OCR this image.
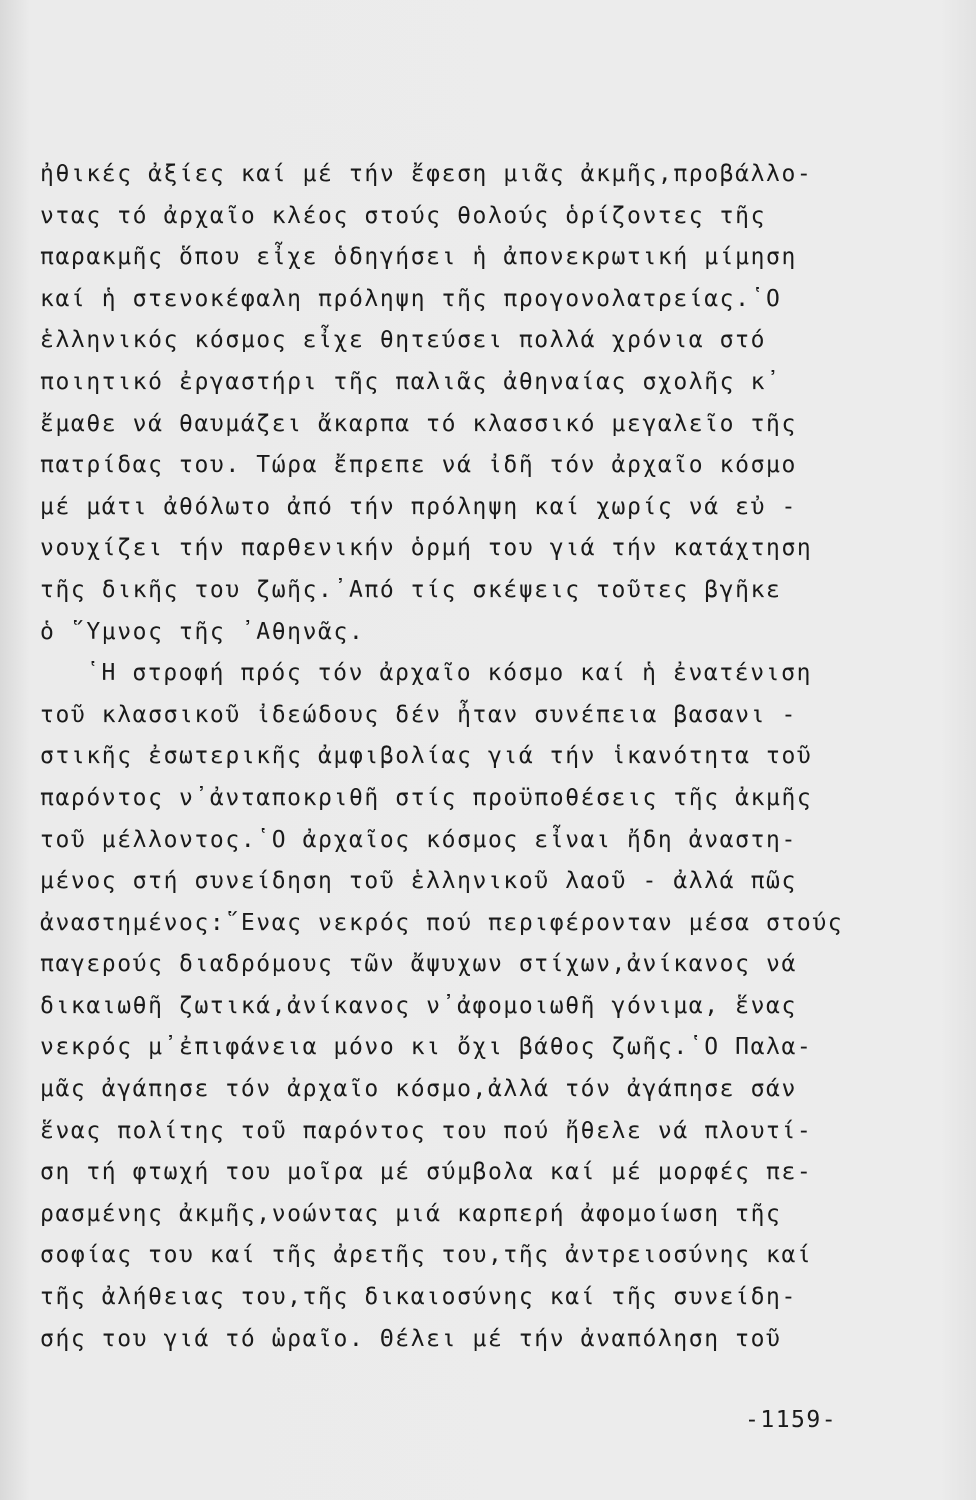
ἠθικές ἀξίες καί μέ τήν ἔφεση μιᾶς ἀκμῆς,προβάλλο-
ντας τό ἀρχαῖο κλέος στούς θολούς ὁρίζοντες τῆς
παρακμῆς ὅπου εἶχε ὁδηγήσει ἡ ἀπονεκρωτική μίμηση
καί ἡ στενοκέφαλη πρόληψη τῆς προγονολατρείας.῾Ο
ἑλληνικός κόσμος εἶχε θητεύσει πολλά χρόνια στό
ποιητικό ἐργαστήρι τῆς παλιᾶς ἀθηναίας σχολῆς κ᾽
ἔμαθε νά θαυμάζει ἄκαρπα τό κλασσικό μεγαλεῖο τῆς
πατρίδας του. Τώρα ἔπρεπε νά ἰδῆ τόν ἀρχαῖο κόσμο
μέ μάτι ἀθόλωτο ἀπό τήν πρόληψη καί χωρίς νά εὐ -
νουχίζει τήν παρθενικήν ὁρμή του γιά τήν κατάχτηση
τῆς δικῆς του ζωῆς.᾽Από τίς σκέψεις τοῦτες βγῆκε
ὁ ῞Υμνος τῆς ᾽Αθηνᾶς.
῾Η στροφή πρός τόν ἀρχαῖο κόσμο καί ἡ ἐνατένιση
τοῦ κλασσικοῦ ἰδεώδους δέν ἦταν συνέπεια βασανι -
στικῆς ἐσωτερικῆς ἀμφιβολίας γιά τήν ἱκανότητα τοῦ
παρόντος ν᾽ἀνταποκριθῆ στίς προϋποθέσεις τῆς ἀκμῆς
τοῦ μέλλοντος.῾Ο ἀρχαῖος κόσμος εἶναι ἤδη ἀναστη-
μένος στή συνείδηση τοῦ ἑλληνικοῦ λαοῦ - ἀλλά πῶς
ἀναστημένος:῞Ενας νεκρός πού περιφέρονταν μέσα στούς
παγερούς διαδρόμους τῶν ἄψυχων στίχων,ἀνίκανος νά
δικαιωθῆ ζωτικά,ἀνίκανος ν᾽ἀφομοιωθῆ γόνιμα, ἕνας
νεκρός μ᾽ἐπιφάνεια μόνο κι ὄχι βάθος ζωῆς.῾Ο Παλα-
μᾶς ἀγάπησε τόν ἀρχαῖο κόσμο,ἀλλά τόν ἀγάπησε σάν
ἕνας πολίτης τοῦ παρόντος του πού ἤθελε νά πλουτί-
ση τή φτωχή του μοῖρα μέ σύμβολα καί μέ μορφές πε-
ρασμένης ἀκμῆς,νοώντας μιά καρπερή ἀφομοίωση τῆς
σοφίας του καί τῆς ἀρετῆς του,τῆς ἀντρειοσύνης καί
τῆς ἀλήθειας του,τῆς δικαιοσύνης καί τῆς συνείδη-
σής του γιά τό ὡραῖο. Θέλει μέ τήν ἀναπόληση τοῦ
-1159-
